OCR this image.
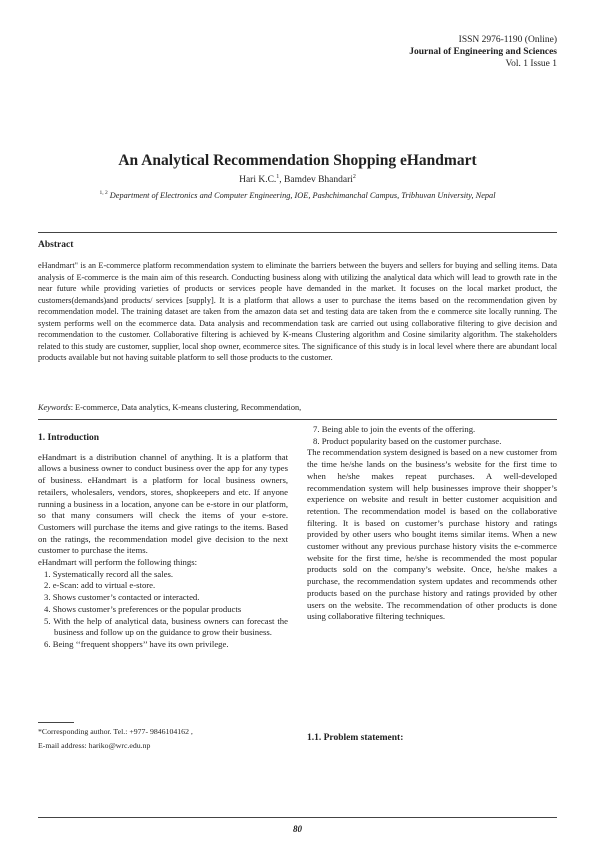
ISSN 2976-1190 (Online)
Journal of Engineering and Sciences
Vol. 1 Issue 1
An Analytical Recommendation Shopping eHandmart
Hari K.C.$^1$, Bamdev Bhandari$^2$
$^{1, 2}$ Department of Electronics and Computer Engineering, IOE, Pashchimanchal Campus, Tribhuvan University, Nepal
Abstract

eHandmart" is an E-commerce platform recommendation system to eliminate the barriers between the buyers and sellers for buying and selling items. Data analysis of E-commerce is the main aim of this research. Conducting business along with utilizing the analytical data which will lead to growth rate in the near future while providing varieties of products or services people have demanded in the market. It focuses on the local market product, the customers(demands)and products/ services [supply]. It is a platform that allows a user to purchase the items based on the recommendation given by recommendation model. The training dataset are taken from the amazon data set and testing data are taken from the e commerce site locally running. The system performs well on the ecommerce data. Data analysis and recommendation task are carried out using collaborative filtering to give decision and recommendation to the customer. Collaborative filtering is achieved by K-means Clustering algorithm and Cosine similarity algorithm. The stakeholders related to this study are customer, supplier, local shop owner, ecommerce sites. The significance of this study is in local level where there are abundant local products available but not having suitable platform to sell those products to the customer.

Keywords: E-commerce, Data analytics, K-means clustering, Recommendation,
1. Introduction

eHandmart is a distribution channel of anything. It is a platform that allows a business owner to conduct business over the app for any types of business. eHandmart is a platform for local business owners, retailers, wholesalers, vendors, stores, shopkeepers and etc. If anyone running a business in a location, anyone can be e-store in our platform, so that many consumers will check the items of your e-store. Customers will purchase the items and give ratings to the items. Based on the ratings, the recommendation model give decision to the next customer to purchase the items.

eHandmart will perform the following things:

1. Systematically record all the sales.
2. e-Scan: add to virtual e-store.
3. Shows customer’s contacted or interacted.
4. Shows customer’s preferences or the popular products
5. With the help of analytical data, business owners can forecast the business and follow up on the guidance to grow their business.
6. Being ‘‘frequent shoppers’’ have its own privilege.
*Corresponding author. Tel.: +977- 9846104162 ,
E-mail address: hariko@wrc.edu.np
7. Being able to join the events of the offering.
8. Product popularity based on the customer purchase.

The recommendation system designed is based on a new customer from the time he/she lands on the business’s website for the first time to when he/she makes repeat purchases. A well-developed recommendation system will help businesses improve their shopper’s experience on website and result in better customer acquisition and retention. The recommendation model is based on the collaborative filtering. It is based on customer’s purchase history and ratings provided by other users who bought items similar items. When a new customer without any previous purchase history visits the e-commerce website for the first time, he/she is recommended the most popular products sold on the company’s website. Once, he/she makes a purchase, the recommendation system updates and recommends other products based on the purchase history and ratings provided by other users on the website. The recommendation of other products is done using collaborative filtering techniques.

1.1. Problem statement:
80
